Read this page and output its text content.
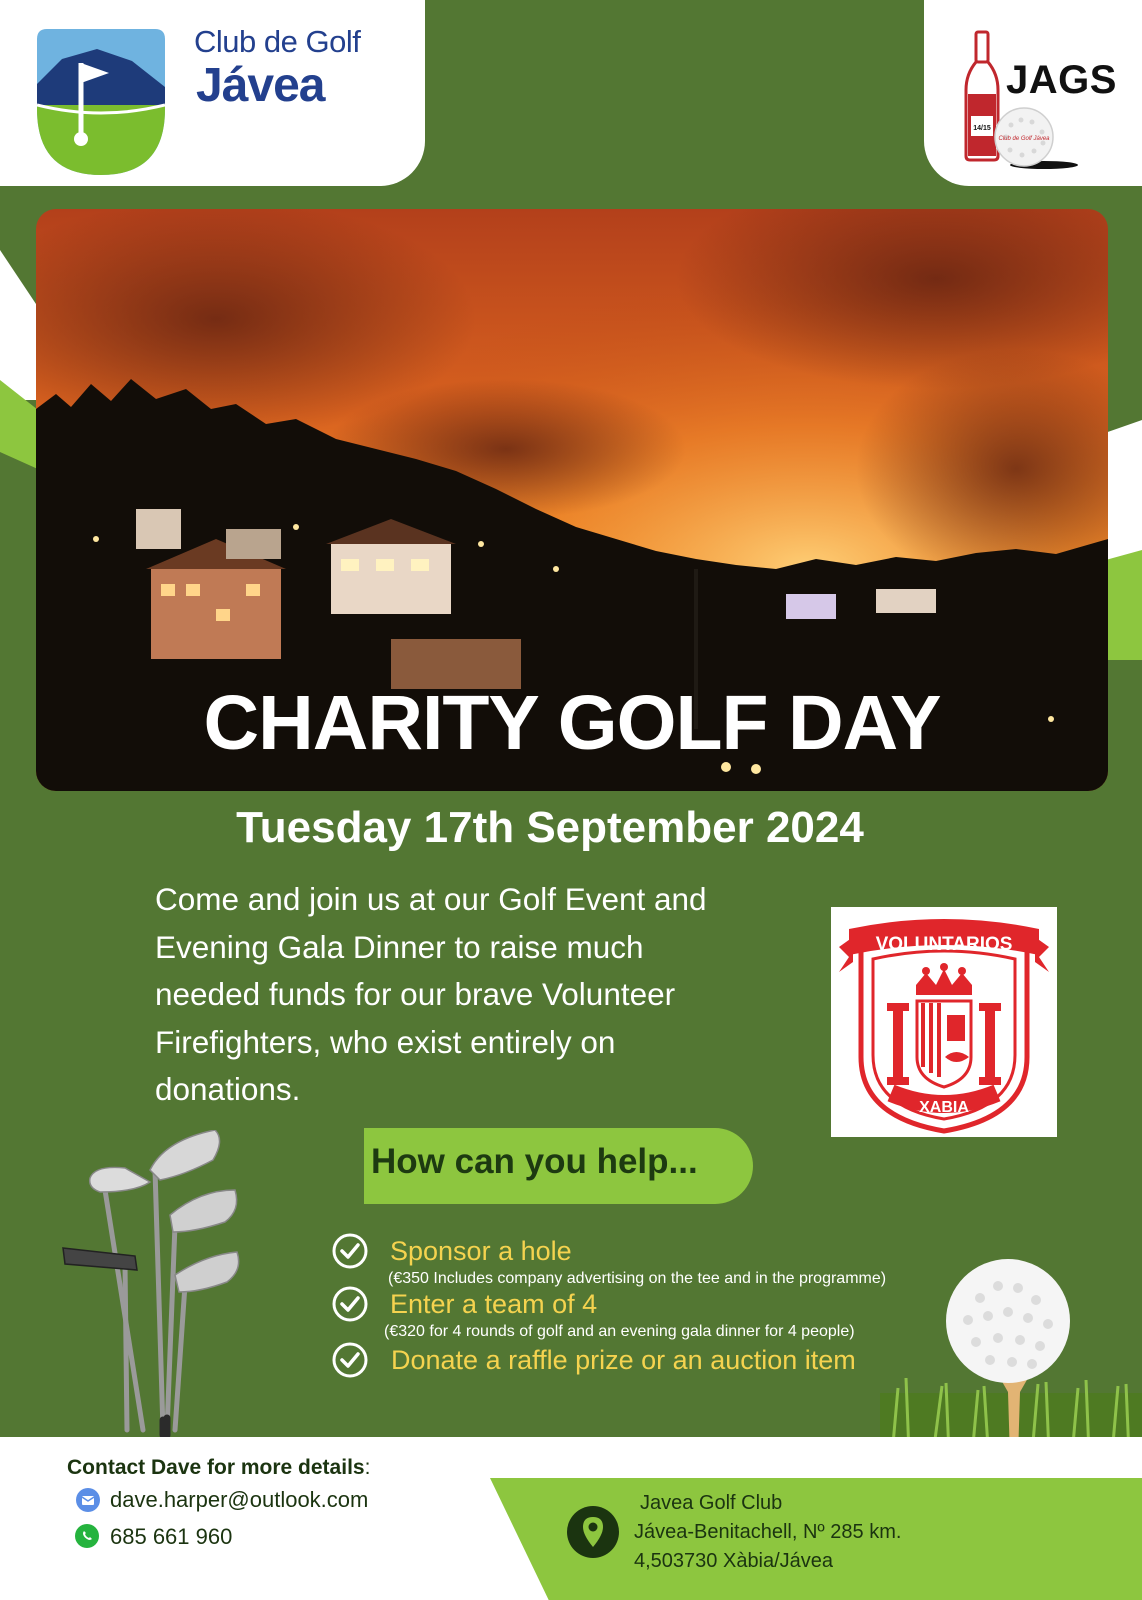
Club de Golf
Jávea
14/15
JAGS
Club de Golf Jávea
CHARITY GOLF DAY
Tuesday 17th September 2024
Come and join us at our Golf Event and
Evening Gala Dinner to raise much
needed funds for our brave Volunteer
Firefighters, who exist entirely on
donations.
VOLUNTARIOS
XABIA
How can you help...
Sponsor a hole
(€350 Includes company advertising on the tee and in the programme)
Enter a team of 4
(€320 for 4 rounds of golf and an evening gala dinner for 4 people)
Donate a raffle prize or an auction item
Contact Dave for more details:
dave.harper@outlook.com
685 661 960
Javea Golf Club
Jávea-Benitachell, Nº 285 km.
4,503730 Xàbia/Jávea
